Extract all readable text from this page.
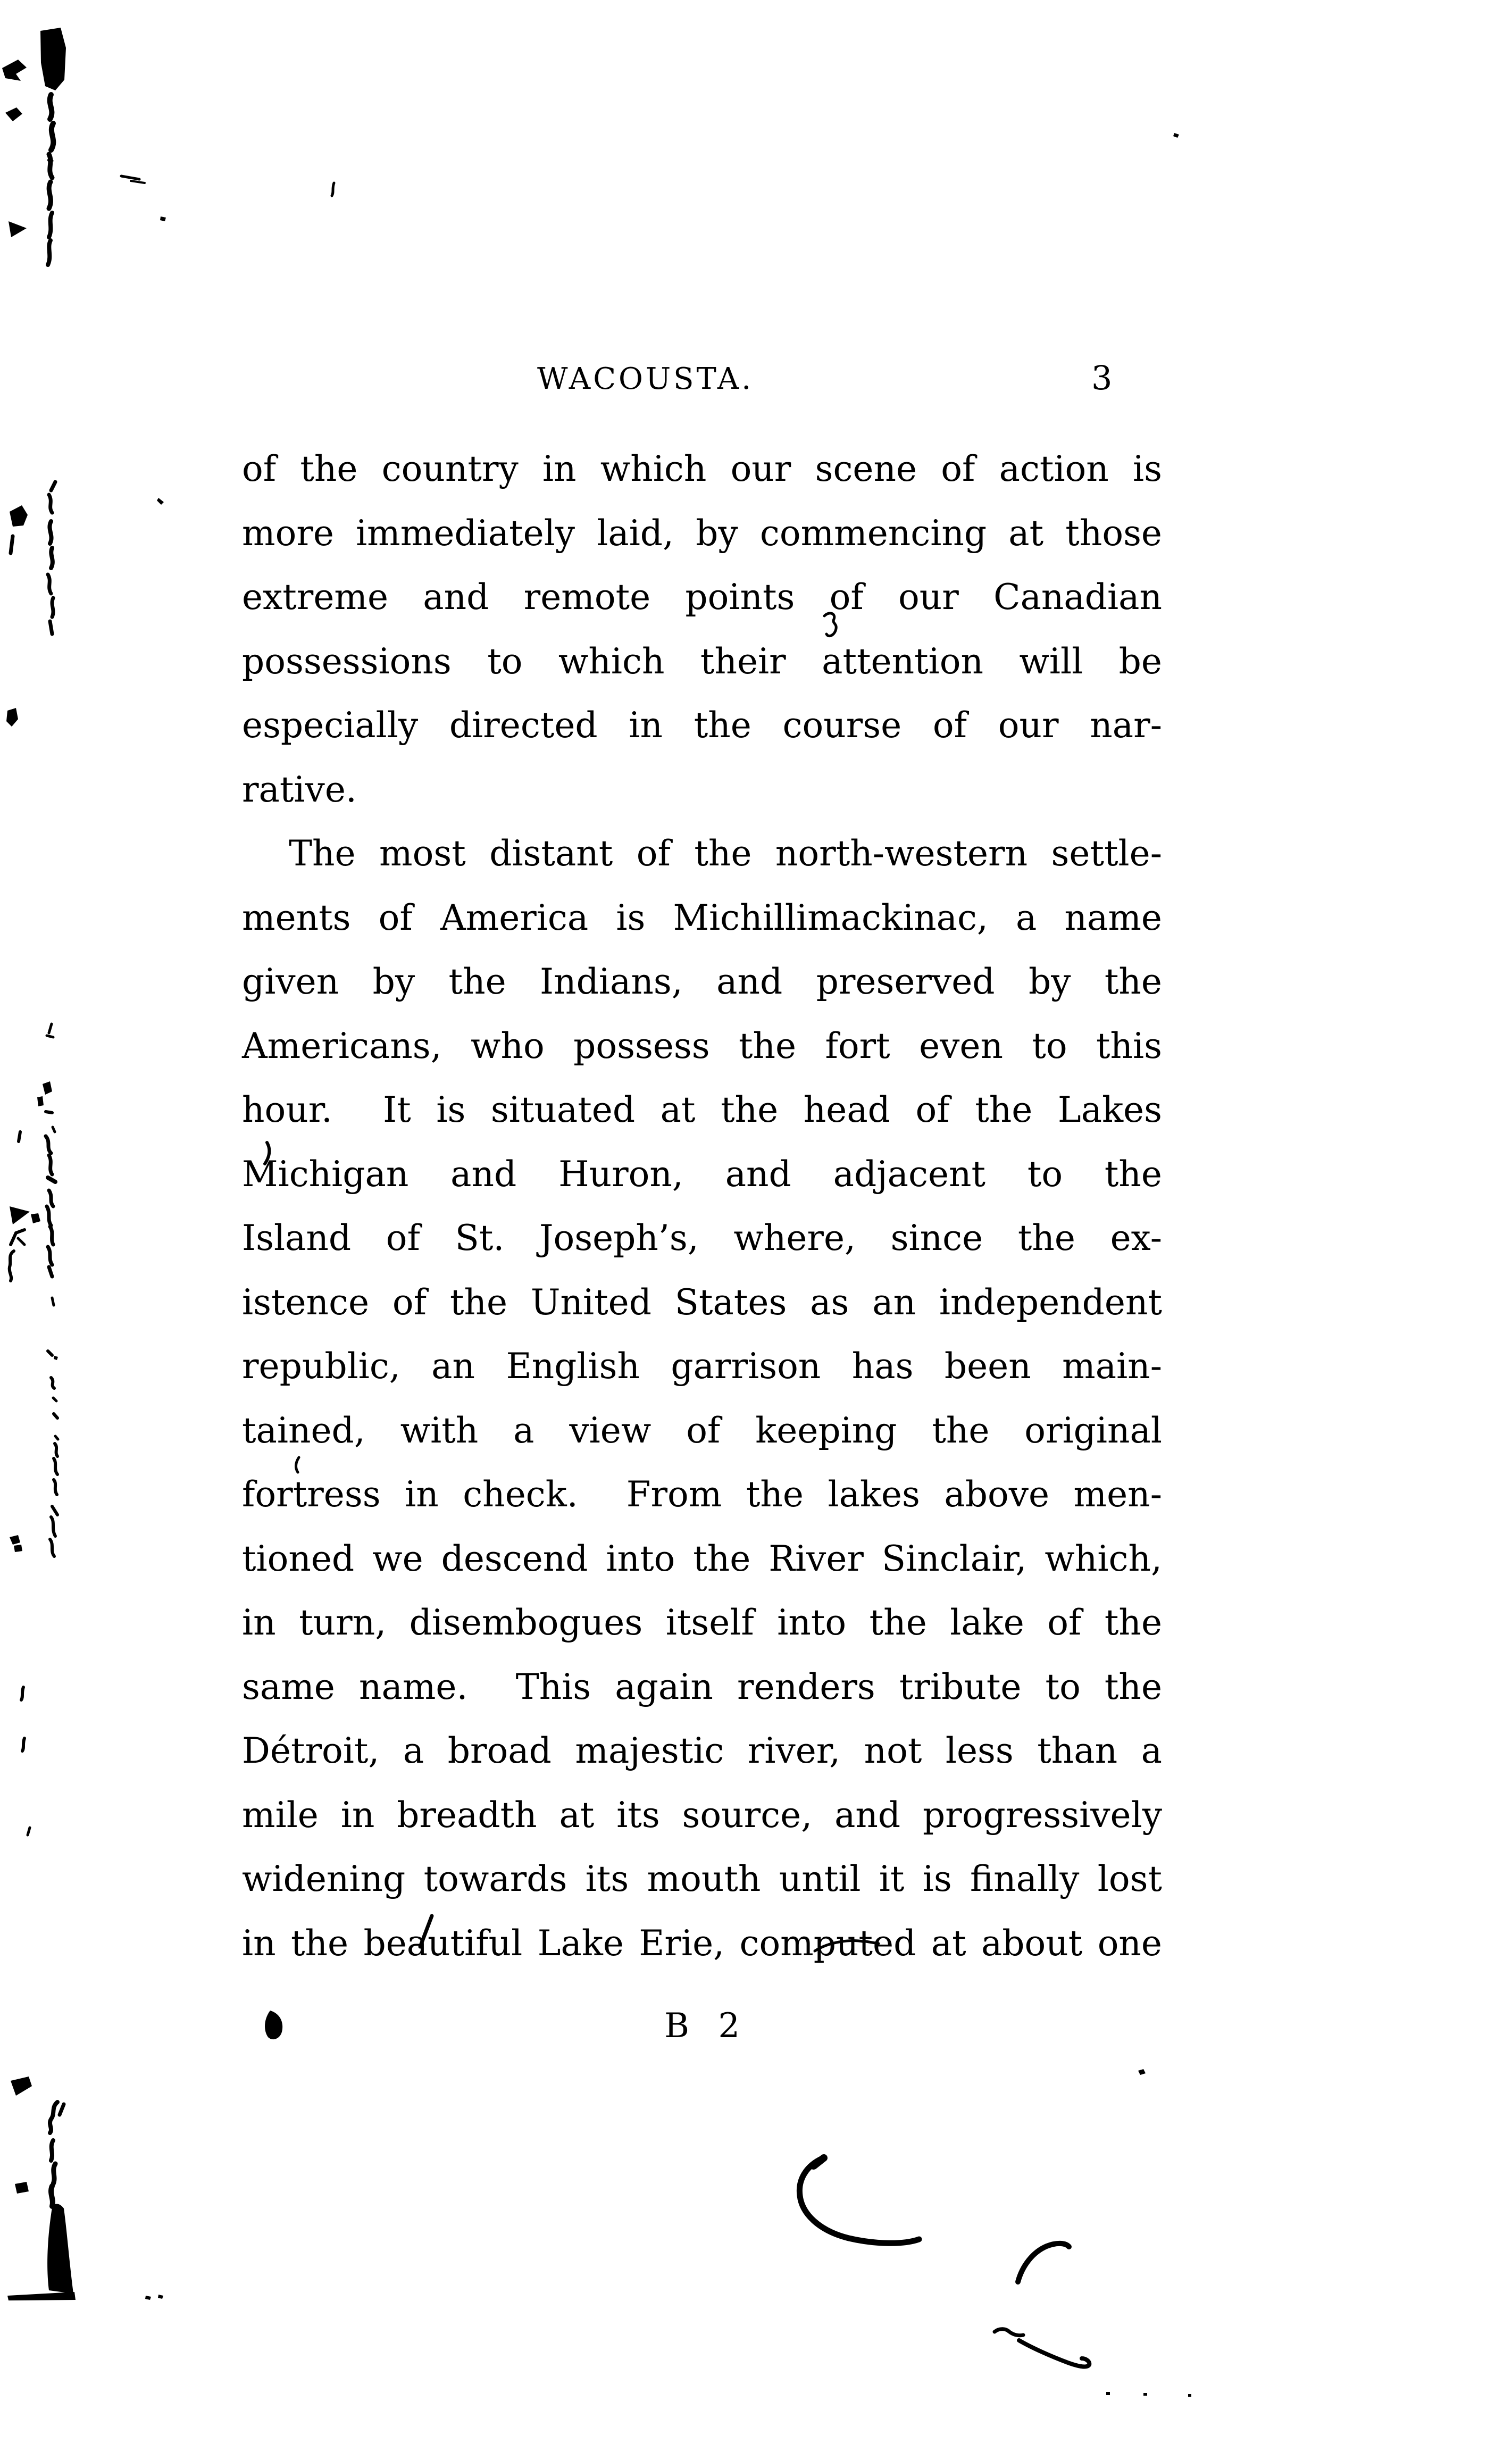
WACOUSTA.	3
of the country in which our scene of action is
more immediately laid, by commencing at those
extreme and remote points of our Canadian
possessions to which their attention will be
especially directed in the course of our nar-
rative.
The most distant of the north-western settle-
ments of America is Michillimackinac, a name
given by the Indians, and preserved by the
Americans, who possess the fort even to this
hour.  It is situated at the head of the Lakes
Michigan and Huron, and adjacent to the
Island of St. Joseph’s, where, since the ex-
istence of the United States as an independent
republic, an English garrison has been main-
tained, with a view of keeping the original
fortress in check.  From the lakes above men-
tioned we descend into the River Sinclair, which,
in turn, disembogues itself into the lake of the
same name.  This again renders tribute to the
Détroit, a broad majestic river, not less than a
mile in breadth at its source, and progressively
widening towards its mouth until it is finally lost
in the beautiful Lake Erie, computed at about one
B 2
